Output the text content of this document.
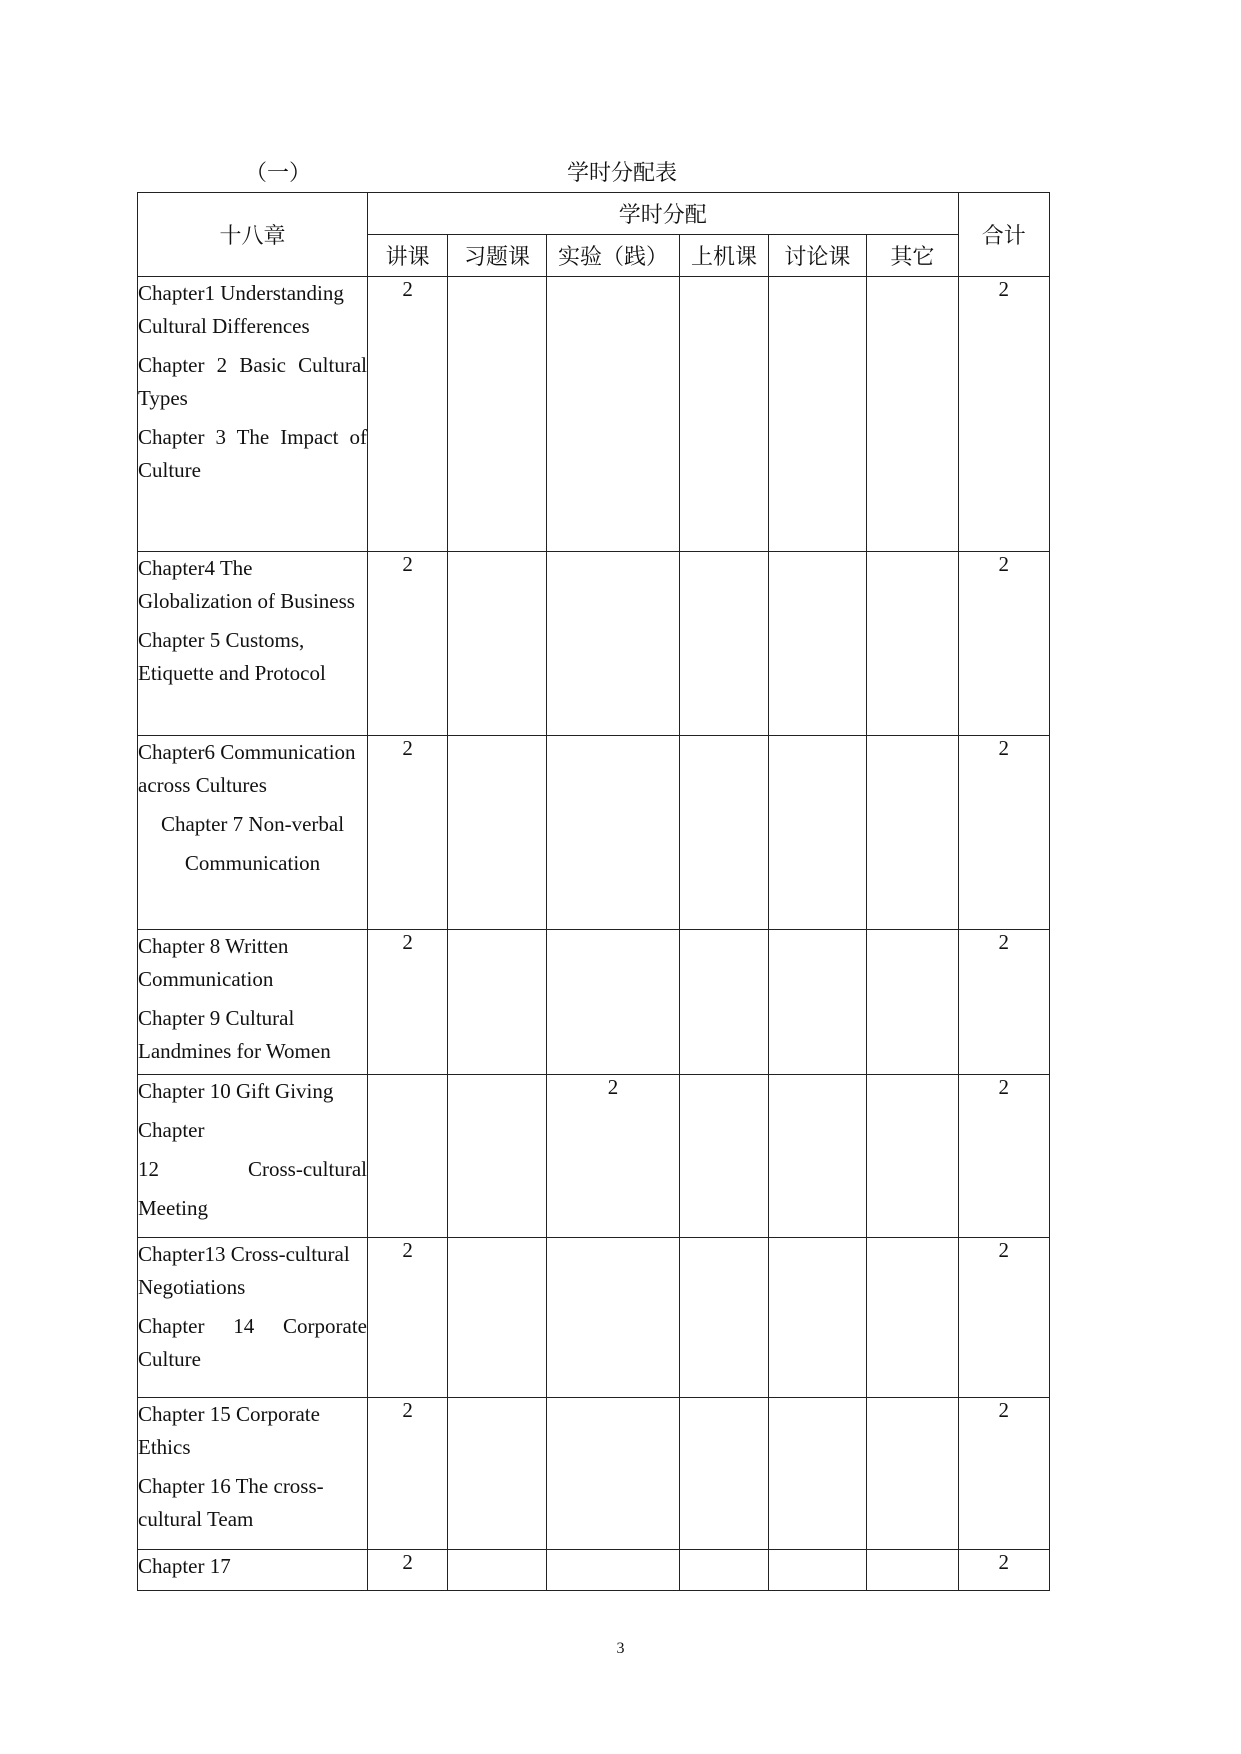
（一）	学时分配表
十八章	学时分配						合计
	讲课	习题课	实验（践）	上机课	讨论课	其它	

Chapter1 Understanding Cultural Differences
Chapter 2 Basic Cultural Types
Chapter 3 The Impact of Culture	2						2

Chapter4 The Globalization of Business
Chapter 5 Customs, Etiquette and Protocol	2						2

Chapter6 Communication across Cultures
Chapter 7 Non-verbal
Communication	2						2

Chapter 8 Written Communication
Chapter 9 Cultural Landmines for Women	2						2

Chapter 10 Gift Giving
Chapter
12 Cross-cultural
Meeting			2				2

Chapter13 Cross-cultural Negotiations
Chapter 14 Corporate Culture	2						2

Chapter 15 Corporate Ethics
Chapter 16 The cross-cultural Team	2						2

Chapter 17	2						2
3
